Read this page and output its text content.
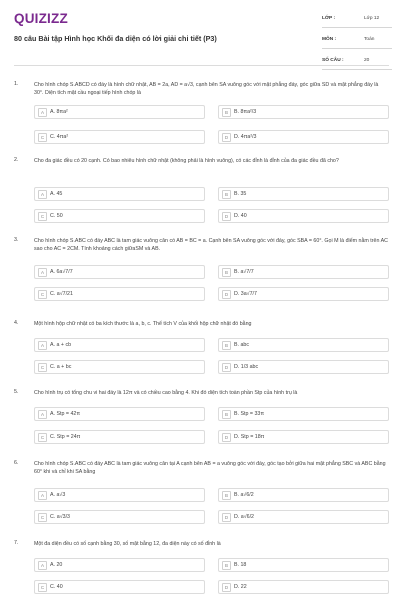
QUIZIZZ
80 câu Bài tập Hình học Khối đa diện có lời giải chi tiết (P3)
LỚP :	Lớp 12
MÔN :	Toán
SỐ CÂU :	20
1.	Cho hình chóp S.ABCD có đáy là hình chữ nhật, AB = 2a, AD = a√3, cạnh bên SA vuông góc với mặt phẳng đáy, góc giữa SD và mặt phẳng đáy là 30°. Diện tích mặt cầu ngoại tiếp hình chóp là
A	A. 8πa²	B	B. 8πa²/3
C	C. 4πa²	D	D. 4πa²/3
2.	Cho đa giác đều có 20 cạnh. Có bao nhiêu hình chữ nhật (không phải là hình vuông), có các đỉnh là đỉnh của đa giác đều đã cho?
A	A. 45	B	B. 35
C	C. 50	D	D. 40
3.	Cho hình chóp S.ABC có đáy ABC là tam giác vuông cân có AB = BC = a. Cạnh bên SA vuông góc với đáy, góc SBA = 60°. Gọi M là điểm nằm trên AC sao cho AC = 2CM. Tính khoảng cách giữaSM và AB.
A	A. 6a√7/7	B	B. a√7/7
C	C. a√7/21	D	D. 3a√7/7
4.	Một hình hộp chữ nhật có ba kích thước là a, b, c. Thể tích V của khối hộp chữ nhật đó bằng
A	A. a + cb	B	B. abc
C	C. a + bc	D	D. 1/3 abc
5.	Cho hình trụ có tổng chu vi hai đáy là 12π và có chiều cao bằng 4. Khi đó diện tích toàn phần Stp của hình trụ là
A	A. Stp = 42π	B	B. Stp = 33π
C	C. Stp = 24π	D	D. Stp = 18π
6.	Cho hình chóp S.ABC có đáy ABC là tam giác vuông cân tại A cạnh bên AB = a vuông góc với đáy, góc tạo bởi giữa hai mặt phẳng SBC và ABC bằng 60° khi và chỉ khi SA bằng
A	A. a√3	B	B. a√6/2
C	C. a√3/3	D	D. a√6/2
7.	Một đa diện đều có số cạnh bằng 30, số mặt bằng 12, đa diện này có số đỉnh là
A	A. 20	B	B. 18
C	C. 40	D	D. 22
